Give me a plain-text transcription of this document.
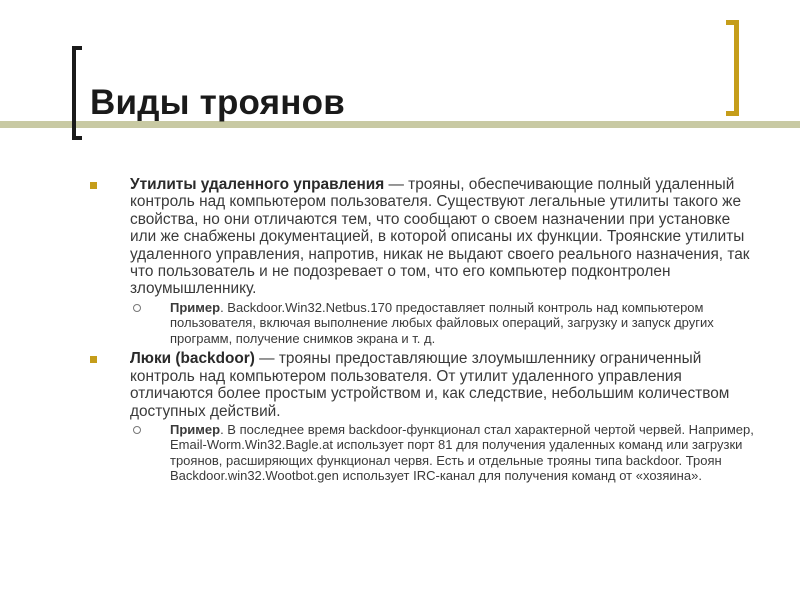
Виды троянов
Утилиты удаленного управления — трояны, обеспечивающие полный удаленный контроль над компьютером пользователя. Существуют легальные утилиты такого же свойства, но они отличаются тем, что сообщают о своем назначении при установке или же снабжены документацией, в которой описаны их функции. Троянские утилиты удаленного управления, напротив, никак не выдают своего реального назначения, так что пользователь и не подозревает о том, что его компьютер подконтролен злоумышленнику.
Пример. Backdoor.Win32.Netbus.170 предоставляет полный контроль над компьютером пользователя, включая выполнение любых файловых операций, загрузку и запуск других программ, получение снимков экрана и т. д.
Люки (backdoor) — трояны предоставляющие злоумышленнику ограниченный контроль над компьютером пользователя. От утилит удаленного управления отличаются более простым устройством и, как следствие, небольшим количеством доступных действий.
Пример. В последнее время backdoor-функционал стал характерной чертой червей. Например, Email-Worm.Win32.Bagle.at использует порт 81 для получения удаленных команд или загрузки троянов, расширяющих функционал червя. Есть и отдельные трояны типа backdoor. Троян Backdoor.win32.Wootbot.gen использует IRC-канал для получения команд от «хозяина».
